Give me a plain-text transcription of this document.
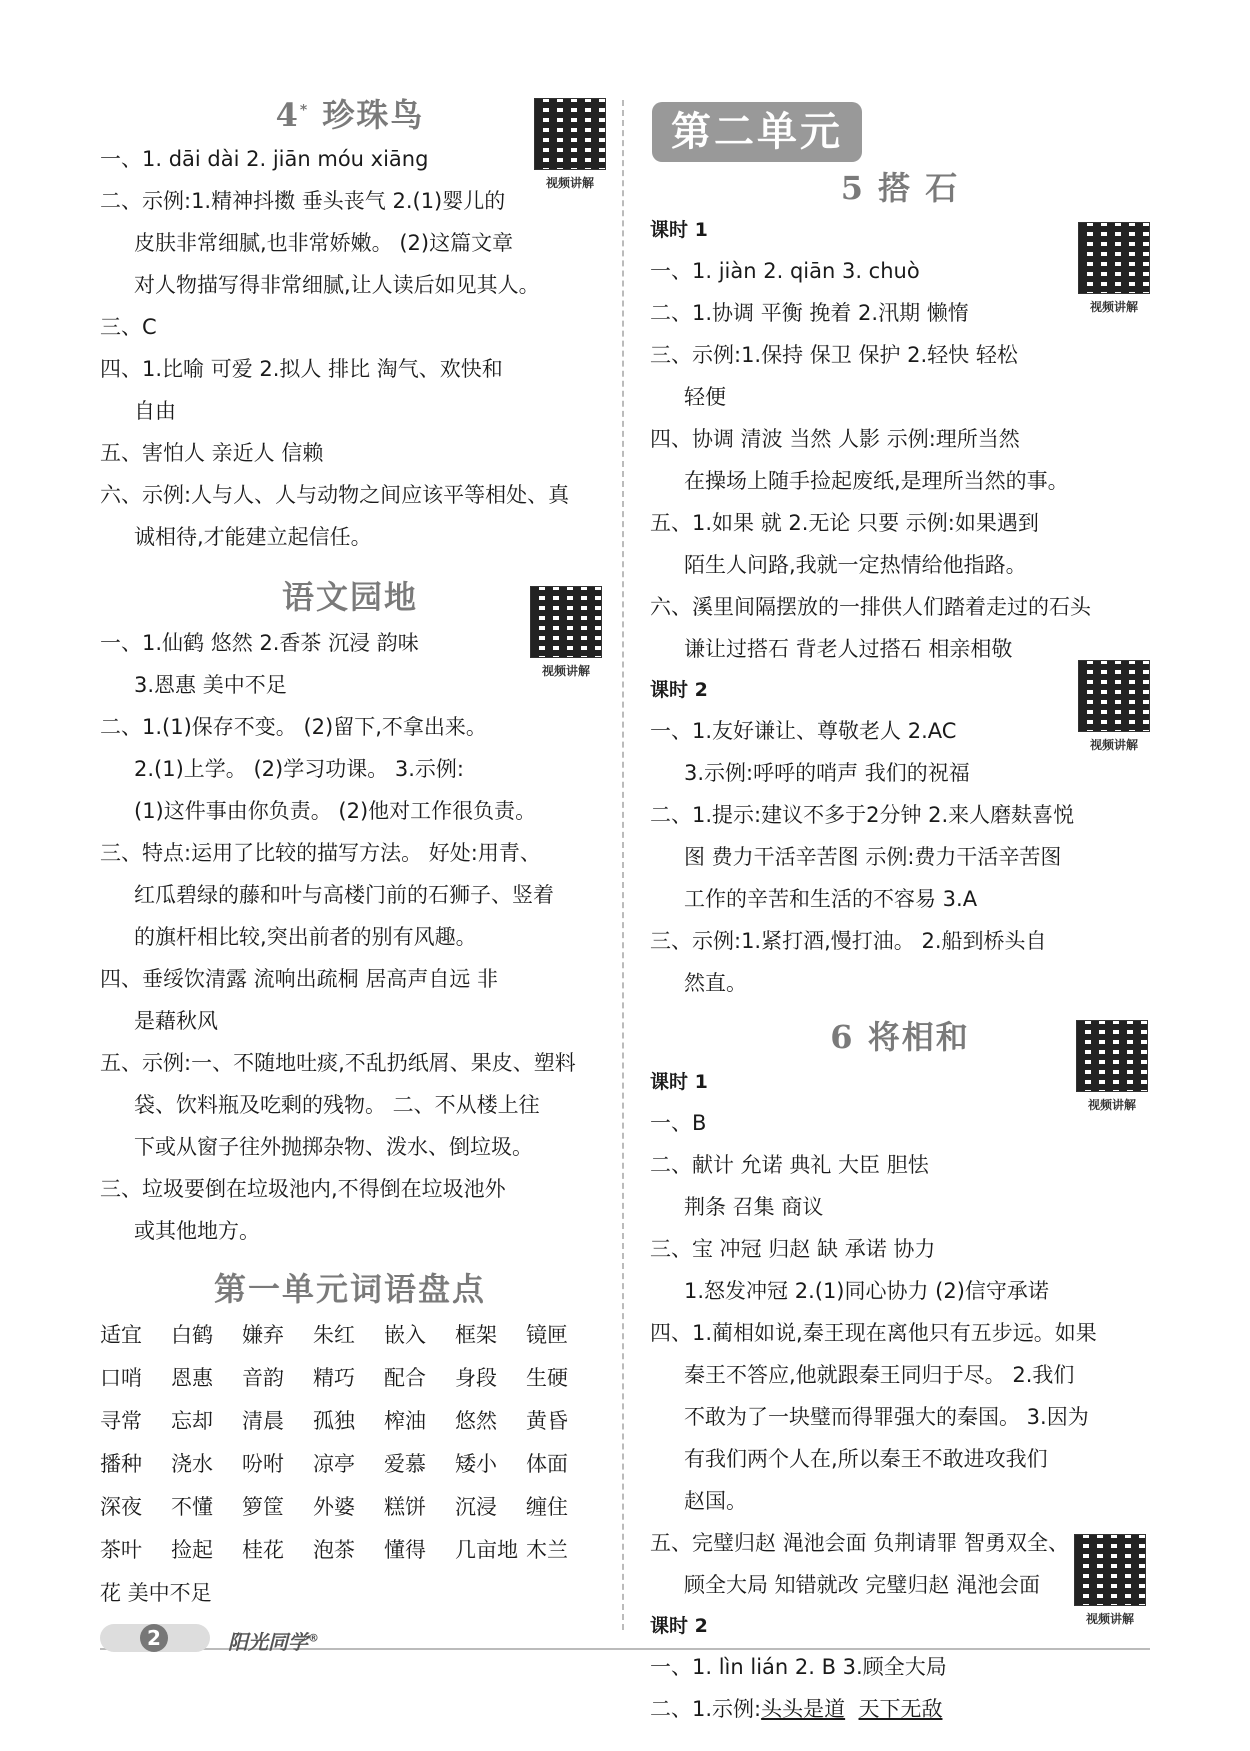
4* 珍珠鸟
一、1. dāi dài 2. jiān móu xiāng
二、示例:1.精神抖擞 垂头丧气 2.(1)婴儿的
皮肤非常细腻,也非常娇嫩。 (2)这篇文章
对人物描写得非常细腻,让人读后如见其人。
三、C
四、1.比喻 可爱 2.拟人 排比 淘气、欢快和
自由
五、害怕人 亲近人 信赖
六、示例:人与人、人与动物之间应该平等相处、真
诚相待,才能建立起信任。
语文园地
一、1.仙鹤 悠然 2.香茶 沉浸 韵味
3.恩惠 美中不足
二、1.(1)保存不变。 (2)留下,不拿出来。
2.(1)上学。 (2)学习功课。 3.示例:
(1)这件事由你负责。 (2)他对工作很负责。
三、特点:运用了比较的描写方法。 好处:用青、
红瓜碧绿的藤和叶与高楼门前的石狮子、竖着
的旗杆相比较,突出前者的别有风趣。
四、垂绥饮清露 流响出疏桐 居高声自远 非
是藉秋风
五、示例:一、不随地吐痰,不乱扔纸屑、果皮、塑料
袋、饮料瓶及吃剩的残物。 二、不从楼上往
下或从窗子往外抛掷杂物、泼水、倒垃圾。
三、垃圾要倒在垃圾池内,不得倒在垃圾池外
或其他地方。
第一单元词语盘点
适宜	白鹤	嫌弃	朱红	嵌入	框架	镜匣
口哨	恩惠	音韵	精巧	配合	身段	生硬
寻常	忘却	清晨	孤独	榨油	悠然	黄昏
播种	浇水	吩咐	凉亭	爱慕	矮小	体面
深夜	不懂	箩筐	外婆	糕饼	沉浸	缠住
茶叶	捡起	桂花	泡茶	懂得	几亩地 木兰
花 美中不足
视频讲解
视频讲解
第二单元
5 搭 石
课时 1
一、1. jiàn 2. qiān 3. chuò
二、1.协调 平衡 挽着 2.汛期 懒惰
三、示例:1.保持 保卫 保护 2.轻快 轻松
轻便
四、协调 清波 当然 人影 示例:理所当然
在操场上随手捡起废纸,是理所当然的事。
五、1.如果 就 2.无论 只要 示例:如果遇到
陌生人问路,我就一定热情给他指路。
六、溪里间隔摆放的一排供人们踏着走过的石头
谦让过搭石 背老人过搭石 相亲相敬
课时 2
一、1.友好谦让、尊敬老人 2.AC
3.示例:呼呼的哨声 我们的祝福
二、1.提示:建议不多于2分钟 2.来人磨麸喜悦
图 费力干活辛苦图 示例:费力干活辛苦图
工作的辛苦和生活的不容易 3.A
三、示例:1.紧打酒,慢打油。 2.船到桥头自
然直。
6 将相和
课时 1
一、B
二、献计 允诺 典礼 大臣 胆怯
荆条 召集 商议
三、宝 冲冠 归赵 缺 承诺 协力
1.怒发冲冠 2.(1)同心协力 (2)信守承诺
四、1.蔺相如说,秦王现在离他只有五步远。如果
秦王不答应,他就跟秦王同归于尽。 2.我们
不敢为了一块璧而得罪强大的秦国。 3.因为
有我们两个人在,所以秦王不敢进攻我们
赵国。
五、完璧归赵 渑池会面 负荆请罪 智勇双全、
顾全大局 知错就改 完璧归赵 渑池会面
课时 2
一、1. lìn lián 2. B 3.顾全大局
二、1.示例:头头是道 天下无敌
视频讲解
视频讲解
视频讲解
视频讲解
2	阳光同学®
